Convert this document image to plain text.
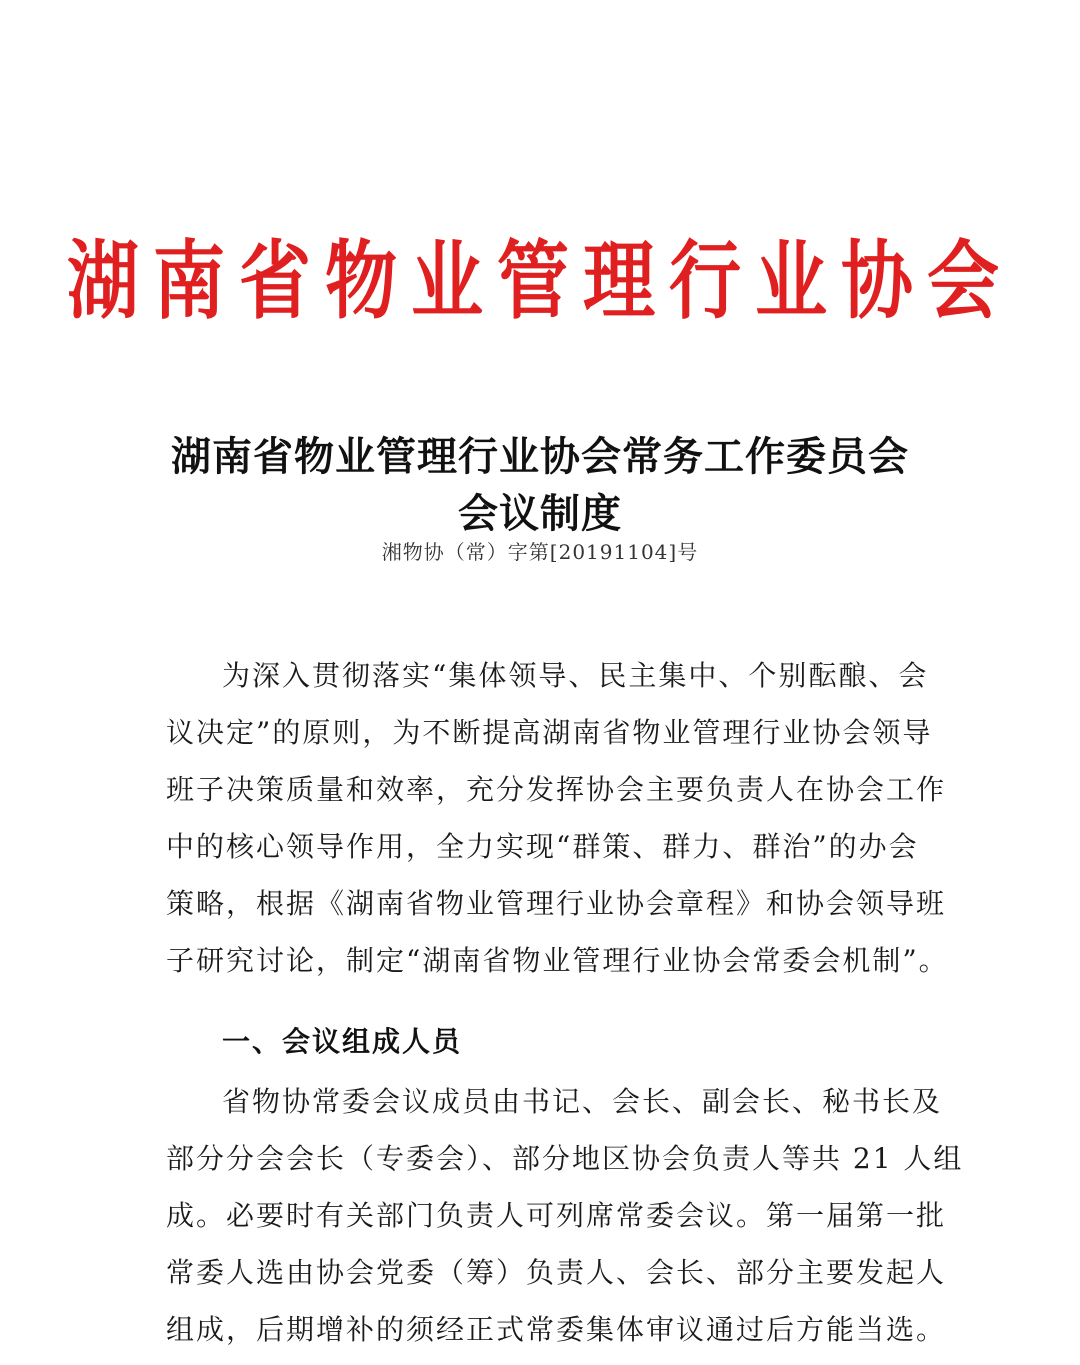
湖南省物业管理行业协会
湖南省物业管理行业协会常务工作委员会
会议制度
湘物协（常）字第[20191104]号
为深入贯彻落实“集体领导、民主集中、个别酝酿、会
议决定”的原则，为不断提高湖南省物业管理行业协会领导
班子决策质量和效率，充分发挥协会主要负责人在协会工作
中的核心领导作用，全力实现“群策、群力、群治”的办会
策略，根据《湖南省物业管理行业协会章程》和协会领导班
子研究讨论，制定“湖南省物业管理行业协会常委会机制”。
一、会议组成人员
省物协常委会议成员由书记、会长、副会长、秘书长及
部分分会会长（专委会）、部分地区协会负责人等共 21 人组
成。必要时有关部门负责人可列席常委会议。第一届第一批
常委人选由协会党委（筹）负责人、会长、部分主要发起人
组成，后期增补的须经正式常委集体审议通过后方能当选。
